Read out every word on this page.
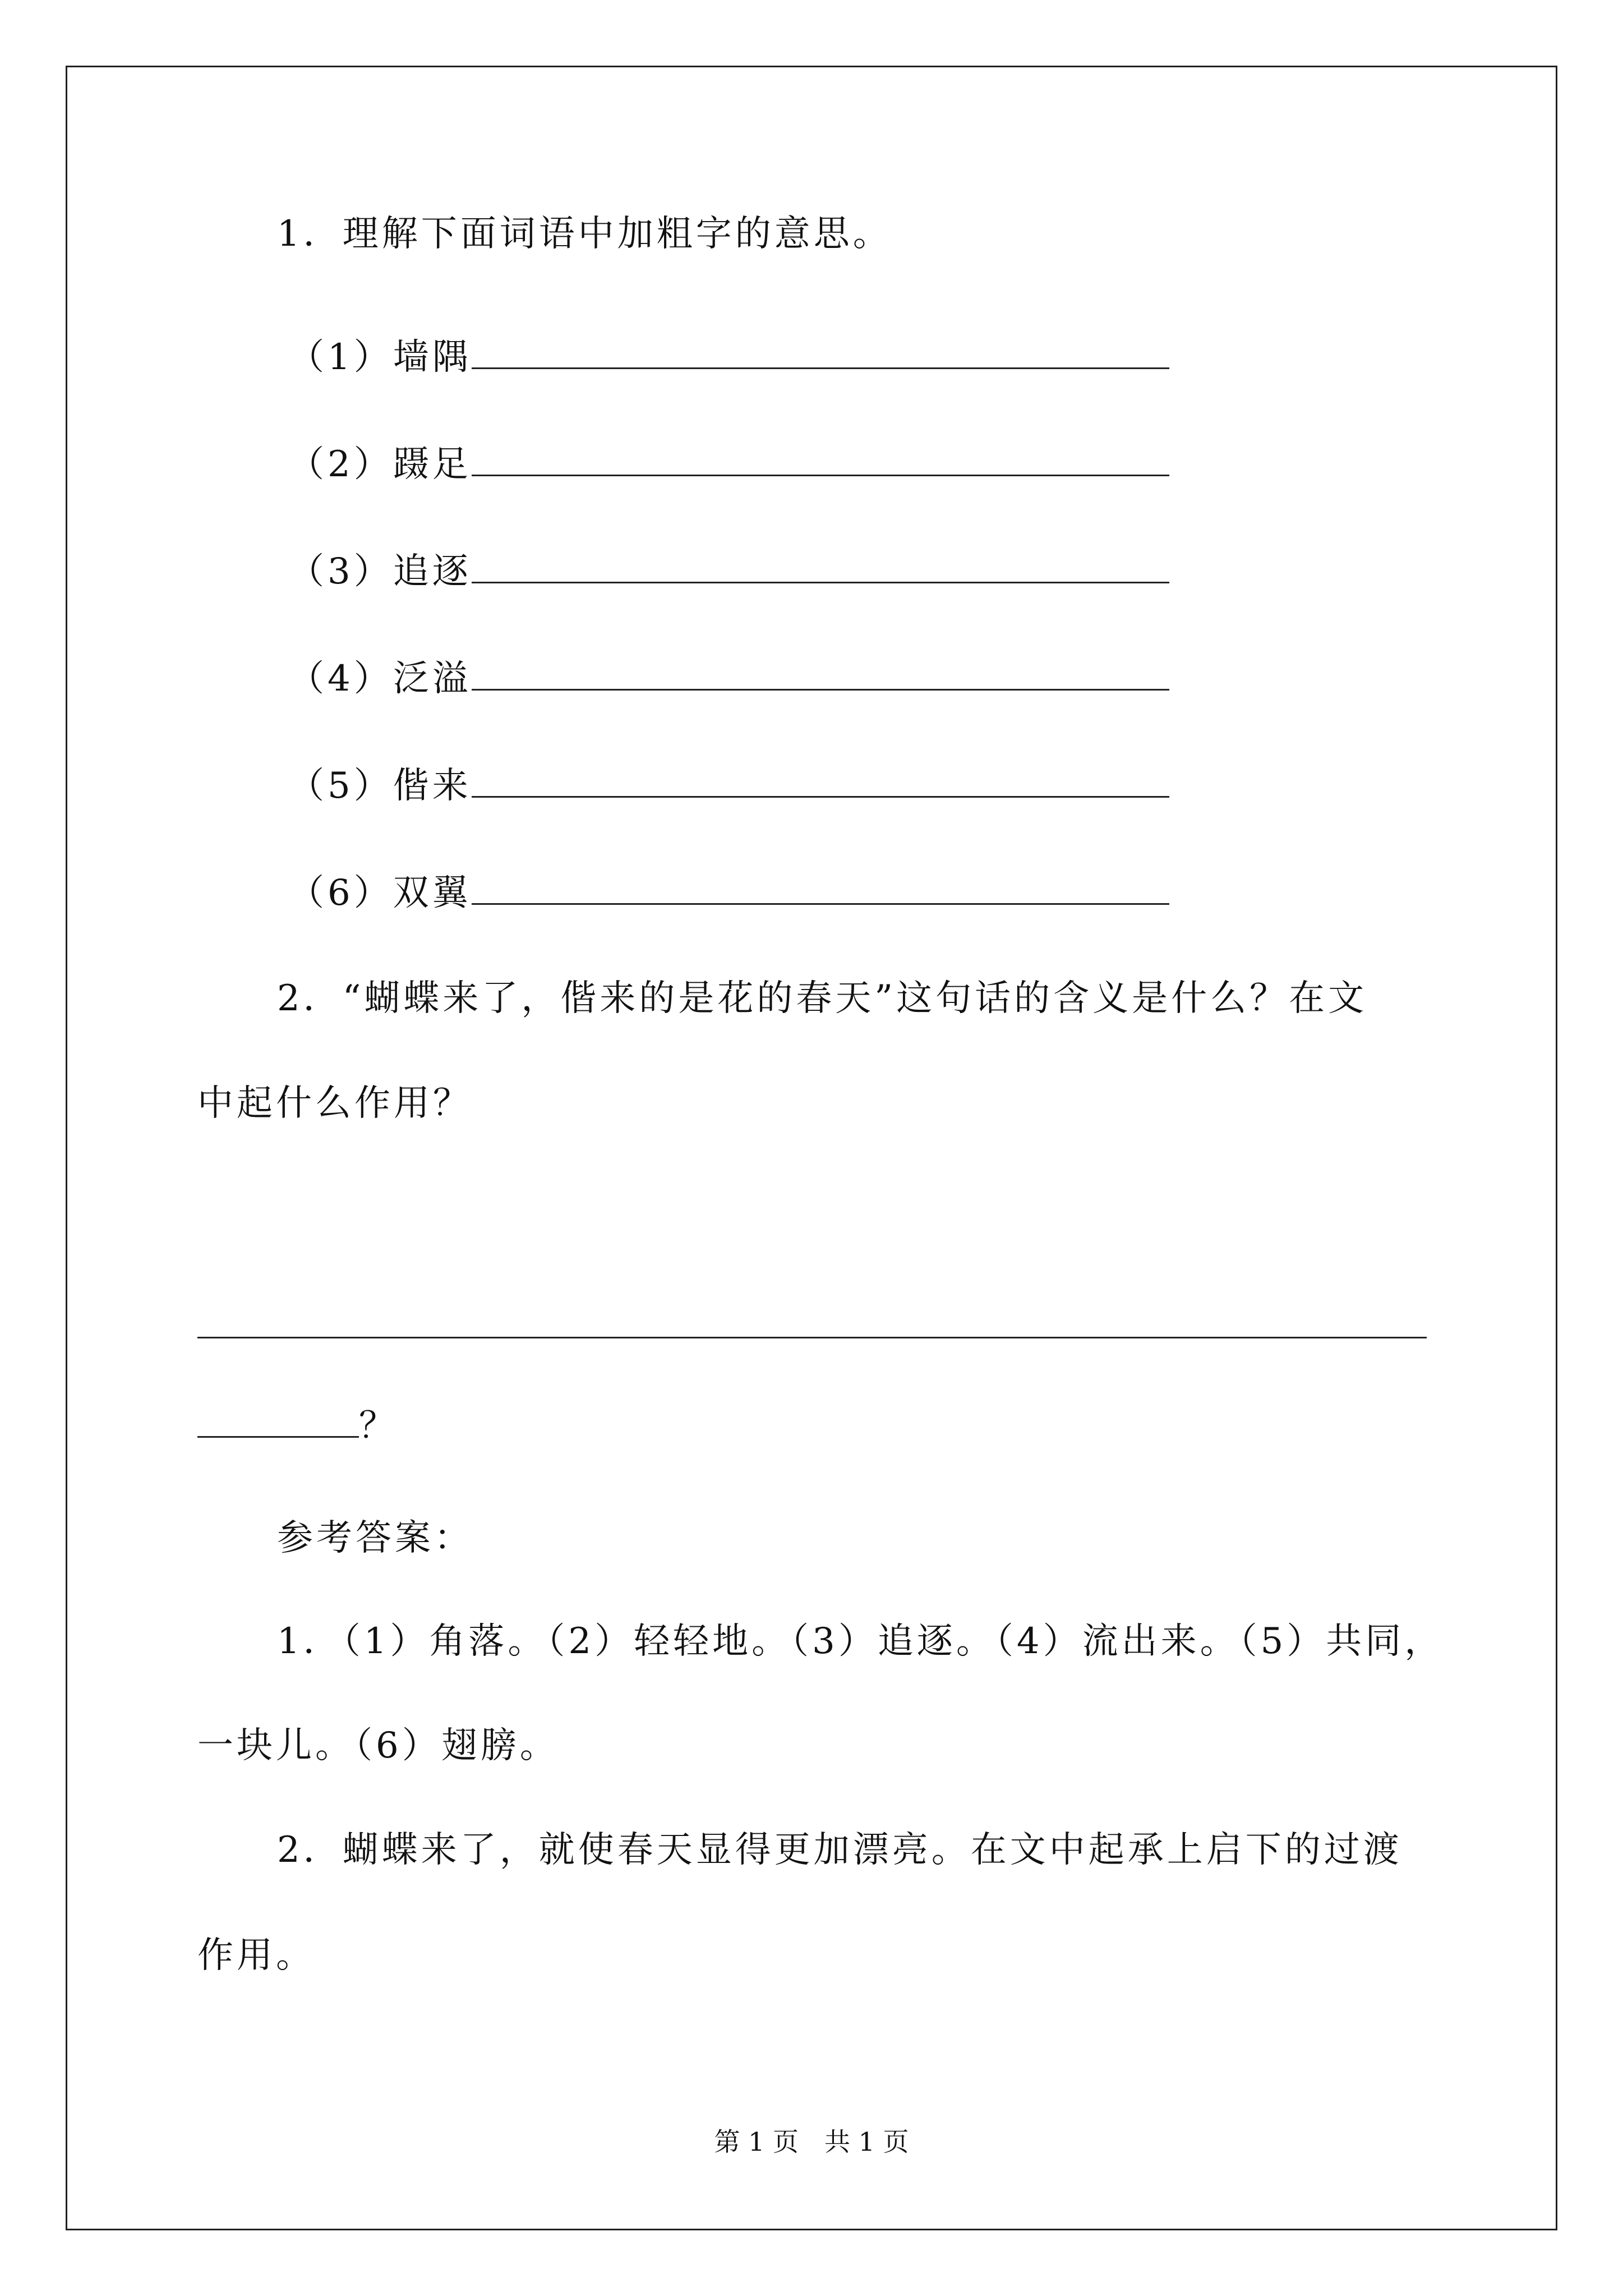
1．理解下面词语中加粗字的意思。
（1）墙隅
（2）蹑足
（3）追逐
（4）泛溢
（5）偕来
（6）双翼
2．“蝴蝶来了，偕来的是花的春天”这句话的含义是什么？在文
中起什么作用？
？
参考答案：
1．（1）角落。（2）轻轻地。（3）追逐。（4）流出来。（5）共同，
一块儿。（6）翅膀。
2．蝴蝶来了，就使春天显得更加漂亮。在文中起承上启下的过渡
作用。
第 1 页　共 1 页
